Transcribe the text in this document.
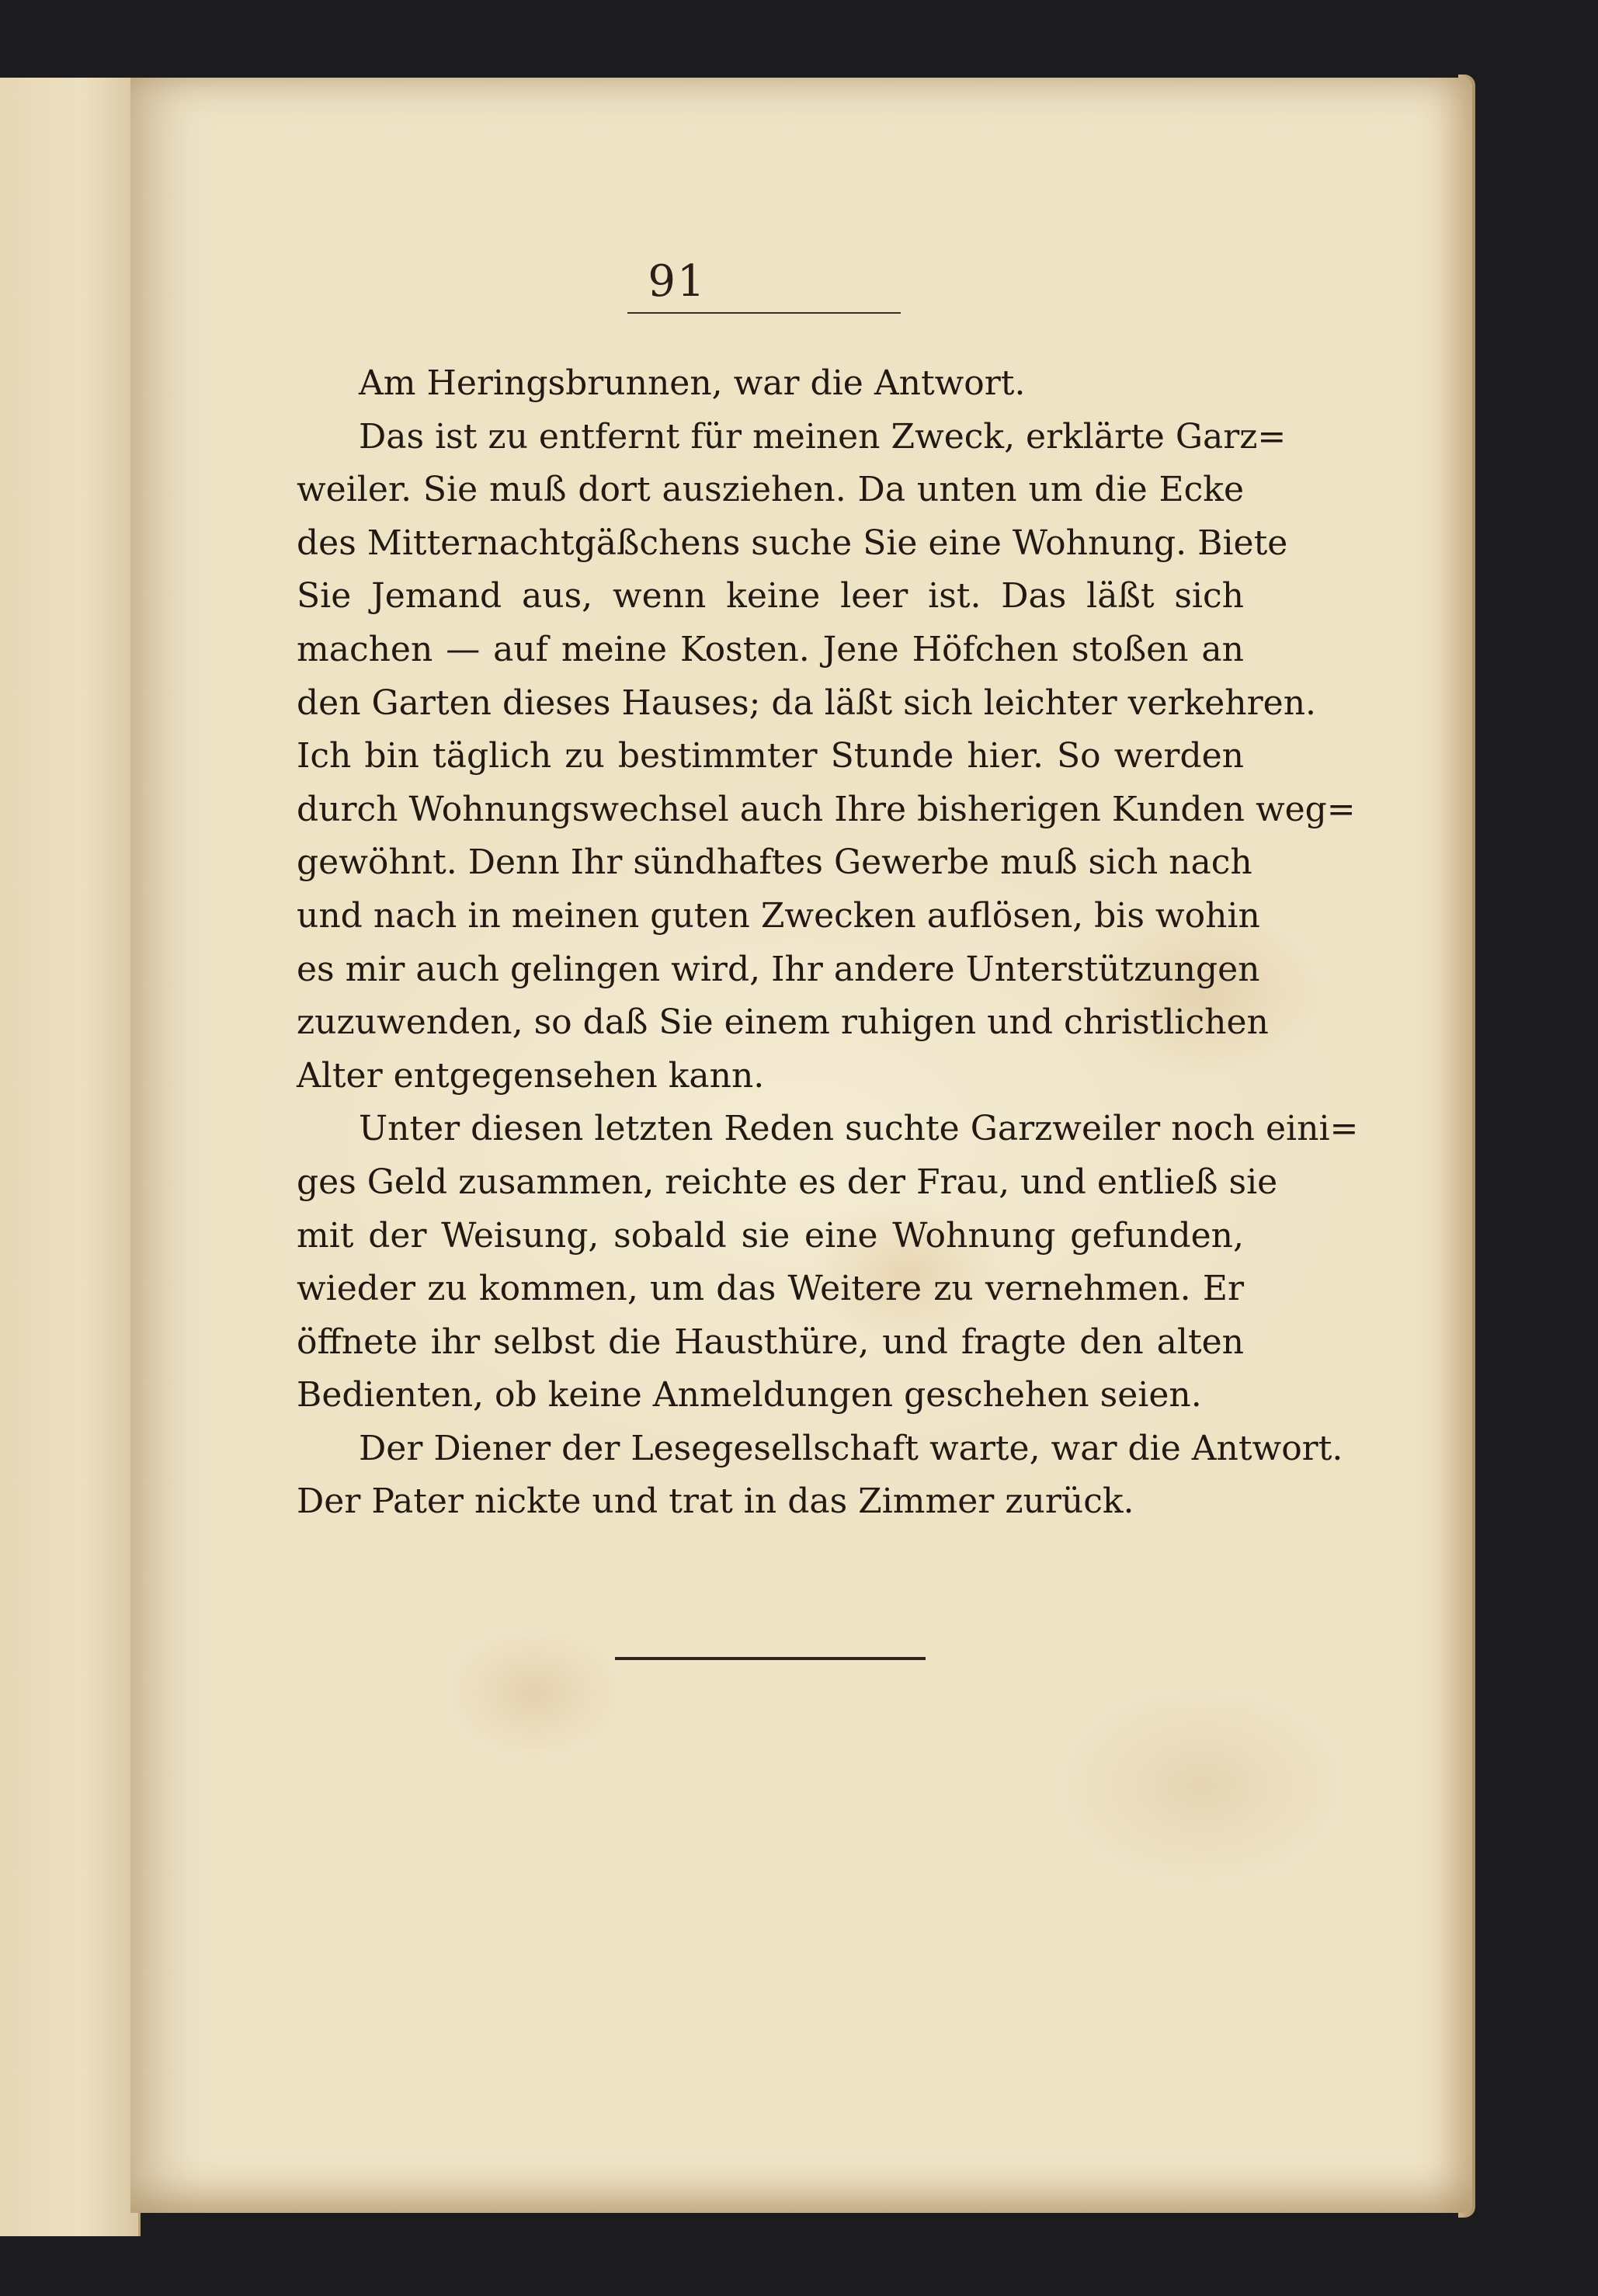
91

Am Heringsbrunnen, war die Antwort.

Das ist zu entfernt für meinen Zweck, erklärte Garz=
weiler. Sie muß dort ausziehen. Da unten um die Ecke
des Mitternachtgäßchens suche Sie eine Wohnung. Biete
Sie Jemand aus, wenn keine leer ist. Das läßt sich
machen — auf meine Kosten. Jene Höfchen stoßen an
den Garten dieses Hauses; da läßt sich leichter verkehren.
Ich bin täglich zu bestimmter Stunde hier. So werden
durch Wohnungswechsel auch Ihre bisherigen Kunden weg=
gewöhnt. Denn Ihr sündhaftes Gewerbe muß sich nach
und nach in meinen guten Zwecken auflösen, bis wohin
es mir auch gelingen wird, Ihr andere Unterstützungen
zuzuwenden, so daß Sie einem ruhigen und christlichen
Alter entgegensehen kann.

Unter diesen letzten Reden suchte Garzweiler noch eini=
ges Geld zusammen, reichte es der Frau, und entließ sie
mit der Weisung, sobald sie eine Wohnung gefunden,
wieder zu kommen, um das Weitere zu vernehmen. Er
öffnete ihr selbst die Hausthüre, und fragte den alten
Bedienten, ob keine Anmeldungen geschehen seien.

Der Diener der Lesegesellschaft warte, war die Antwort.
Der Pater nickte und trat in das Zimmer zurück.
